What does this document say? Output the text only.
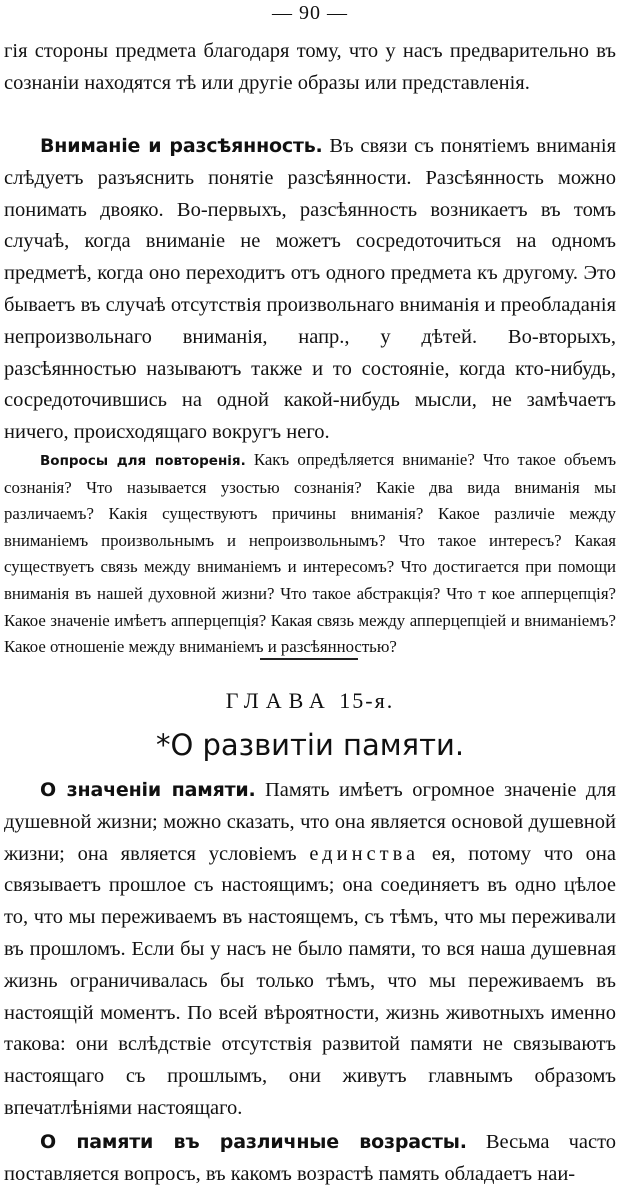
— 90 —

гія стороны предмета благодаря тому, что у насъ предварительно въ сознаніи находятся тѣ или другіе образы или представленія.

Вниманіе и разсѣянность. Въ связи съ понятіемъ вниманія слѣдуетъ разъяснить понятіе разсѣянности. Разсѣянность можно понимать двояко. Во-первыхъ, разсѣянность возникаетъ въ томъ случаѣ, когда вниманіе не можетъ сосредоточиться на одномъ предметѣ, когда оно переходитъ отъ одного предмета къ другому. Это бываетъ въ случаѣ отсутствія произвольнаго вниманія и преобладанія непроизвольнаго вниманія, напр., у дѣтей. Во-вторыхъ, разсѣянностью называютъ также и то состояніе, когда кто-нибудь, сосредоточившись на одной какой-нибудь мысли, не замѣчаетъ ничего, происходящаго вокругъ него.

Вопросы для повторенія. Какъ опредѣляется вниманіе? Что такое объемъ сознанія? Что называется узостью сознанія? Какіе два вида вниманія мы различаемъ? Какія существуютъ причины вниманія? Какое различіе между вниманіемъ произвольнымъ и непроизвольнымъ? Что такое интересъ? Какая существуетъ связь между вниманіемъ и интересомъ? Что достигается при помощи вниманія въ нашей духовной жизни? Что такое абстракція? Что т кое апперцепція? Какое значеніе имѣетъ апперцепція? Какая связь между апперцепціей и вниманіемъ? Какое отношеніе между вниманіемъ и разсѣянностью?

ГЛАВА 15-я.
*О развитіи памяти.

О значеніи памяти. Память имѣетъ огромное значеніе для душевной жизни; можно сказать, что она является основой душевной жизни; она является условіемъ единства ея, потому что она связываетъ прошлое съ настоящимъ; она соединяетъ въ одно цѣлое то, что мы переживаемъ въ настоящемъ, съ тѣмъ, что мы переживали въ прошломъ. Если бы у насъ не было памяти, то вся наша душевная жизнь ограничивалась бы только тѣмъ, что мы переживаемъ въ настоящій моментъ. По всей вѣроятности, жизнь животныхъ именно такова: они вслѣдствіе отсутствія развитой памяти не связываютъ настоящаго съ прошлымъ, они живутъ главнымъ образомъ впечатлѣніями настоящаго.

О памяти въ различные возрасты. Весьма часто поставляется вопросъ, въ какомъ возрастѣ память обладаетъ наи-
